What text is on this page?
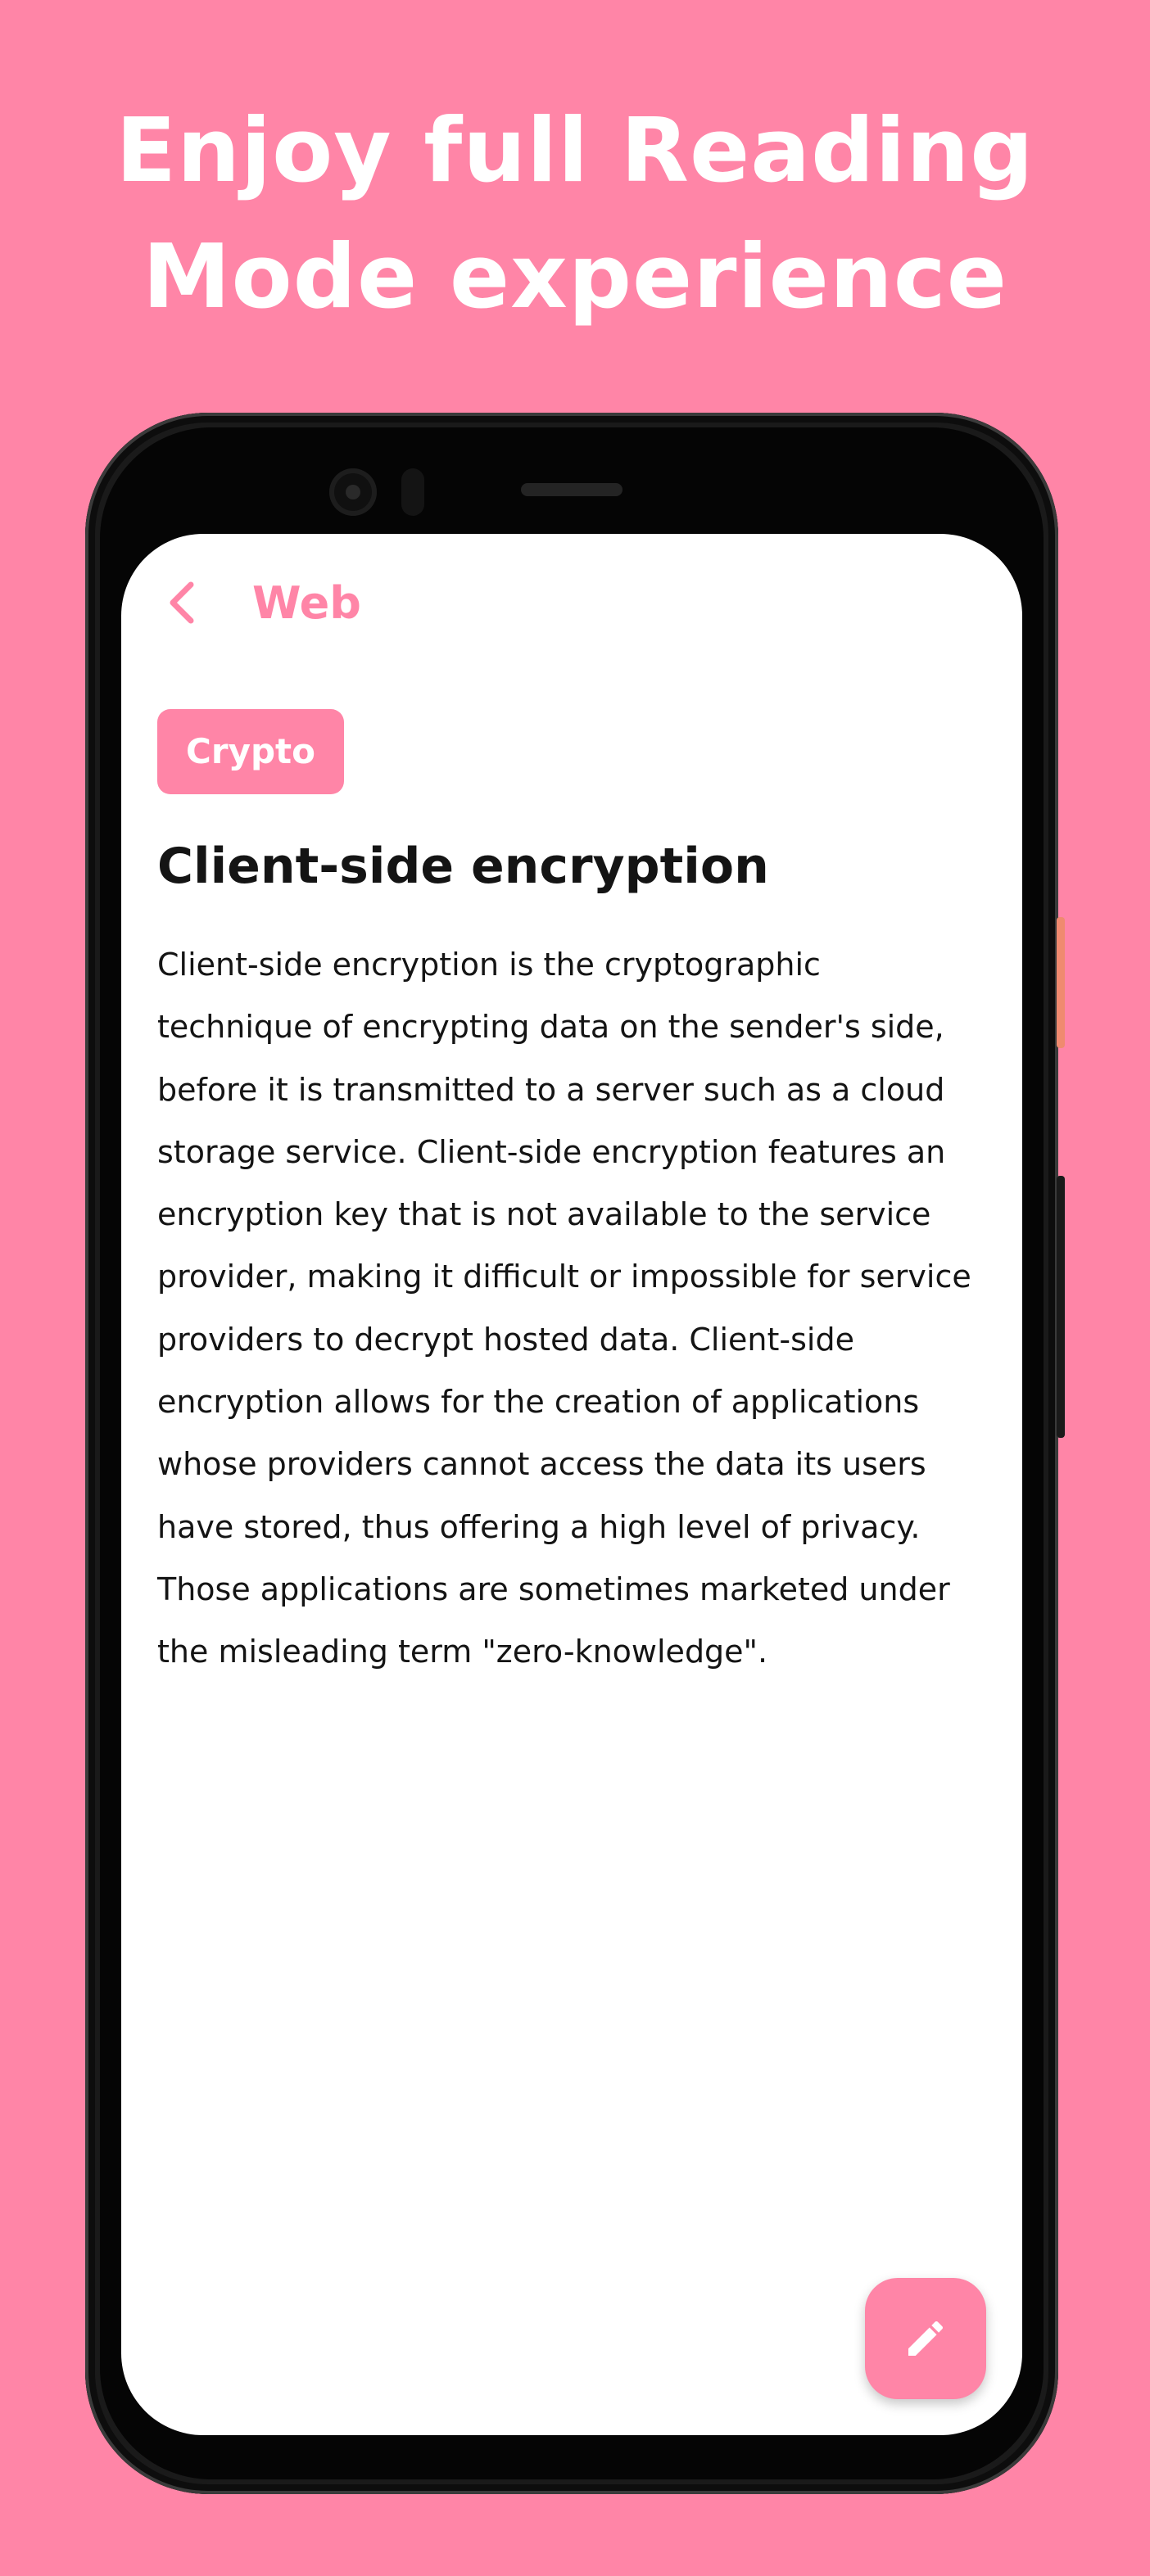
Enjoy full Reading
Mode experience
Web
Crypto
Client-side encryption
Client-side encryption is the cryptographic
technique of encrypting data on the sender's side,
before it is transmitted to a server such as a cloud
storage service. Client-side encryption features an
encryption key that is not available to the service
provider, making it difficult or impossible for service
providers to decrypt hosted data. Client-side
encryption allows for the creation of applications
whose providers cannot access the data its users
have stored, thus offering a high level of privacy.
Those applications are sometimes marketed under
the misleading term "zero-knowledge".
